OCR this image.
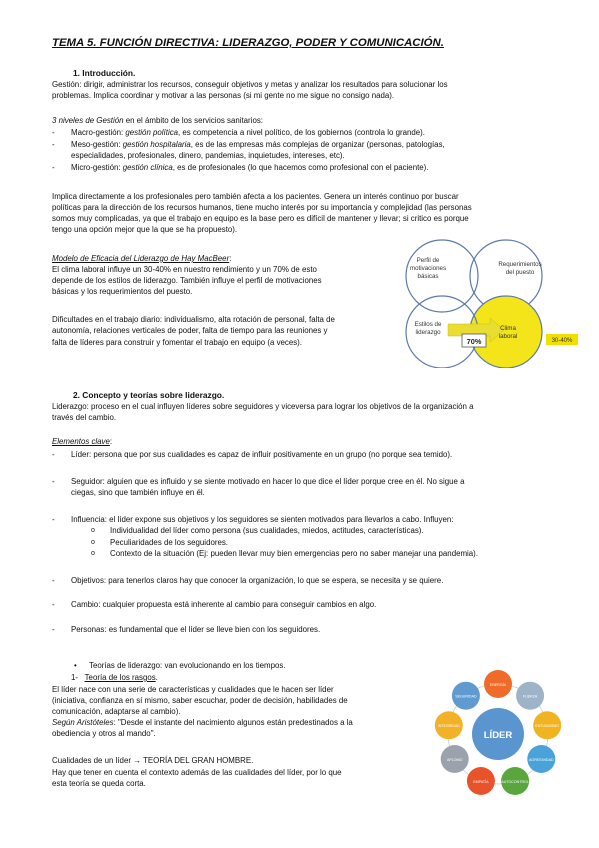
TEMA 5. FUNCIÓN DIRECTIVA: LIDERAZGO, PODER Y COMUNICACIÓN.
1. Introducción.
Gestión: dirigir, administrar los recursos, conseguir objetivos y metas y analizar los resultados para solucionar los
problemas. Implica coordinar y motivar a las personas (si mi gente no me sigue no consigo nada).
3 niveles de Gestión en el ámbito de los servicios sanitarios:
- Macro-gestión: gestión política, es competencia a nivel político, de los gobiernos (controla lo grande).
- Meso-gestión: gestión hospitalaria, es de las empresas más complejas de organizar (personas, patologías,
especialidades, profesionales, dinero, pandemias, inquietudes, intereses, etc).
- Micro-gestión: gestión clínica, es de profesionales (lo que hacemos como profesional con el paciente).
Implica directamente a los profesionales pero también afecta a los pacientes. Genera un interés continuo por buscar
políticas para la dirección de los recursos humanos, tiene mucho interés por su importancia y complejidad (las personas
somos muy complicadas, ya que el trabajo en equipo es la base pero es difícil de mantener y llevar; si critico es porque
tengo una opción mejor que la que se ha propuesto).
Modelo de Eficacia del Liderazgo de Hay MacBeer:
El clima laboral influye un 30-40% en nuestro rendimiento y un 70% de esto
depende de los estilos de liderazgo. También influye el perfil de motivaciones
básicas y los requerimientos del puesto.
Dificultades en el trabajo diario: individualismo, alta rotación de personal, falta de
autonomía, relaciones verticales de poder, falta de tiempo para las reuniones y
falta de líderes para construir y fomentar el trabajo en equipo (a veces).
Perfil de motivaciones básicas
Requerimientos del puesto
Estilos de liderazgo
Clima laboral
70%	30-40%
2. Concepto y teorías sobre liderazgo.
Liderazgo: proceso en el cual influyen líderes sobre seguidores y viceversa para lograr los objetivos de la organización a
través del cambio.
Elementos clave:
- Líder: persona que por sus cualidades es capaz de influir positivamente en un grupo (no porque sea temido).
- Seguidor: alguien que es influido y se siente motivado en hacer lo que dice el líder porque cree en él. No sigue a
ciegas, sino que también influye en él.
- Influencia: el líder expone sus objetivos y los seguidores se sienten motivados para llevarlos a cabo. Influyen:
o Individualidad del líder como persona (sus cualidades, miedos, actitudes, características).
o Peculiaridades de los seguidores.
o Contexto de la situación (Ej: pueden llevar muy bien emergencias pero no saber manejar una pandemia).
- Objetivos: para tenerlos claros hay que conocer la organización, lo que se espera, se necesita y se quiere.
- Cambio: cualquier propuesta está inherente al cambio para conseguir cambios en algo.
- Personas: es fundamental que el líder se lleve bien con los seguidores.
• Teorías de liderazgo: van evolucionando en los tiempos.
1- Teoría de los rasgos.
El líder nace con una serie de características y cualidades que le hacen ser líder
(iniciativa, confianza en sí mismo, saber escuchar, poder de decisión, habilidades de
comunicación, adaptarse al cambio).
Según Aristóteles: "Desde el instante del nacimiento algunos están predestinados a la
obediencia y otros al mando".
Cualidades de un líder → TEORÍA DEL GRAN HOMBRE.
Hay que tener en cuenta el contexto además de las cualidades del líder, por lo que
esta teoría se queda corta.
ENERGÍA
FUERZA
ENTUSIASMO
AGRESIVIDAD
AUTOCONTROL
EMPATÍA
APLOMO
INTEGRIDAD
SEGURIDAD
LÍDER
